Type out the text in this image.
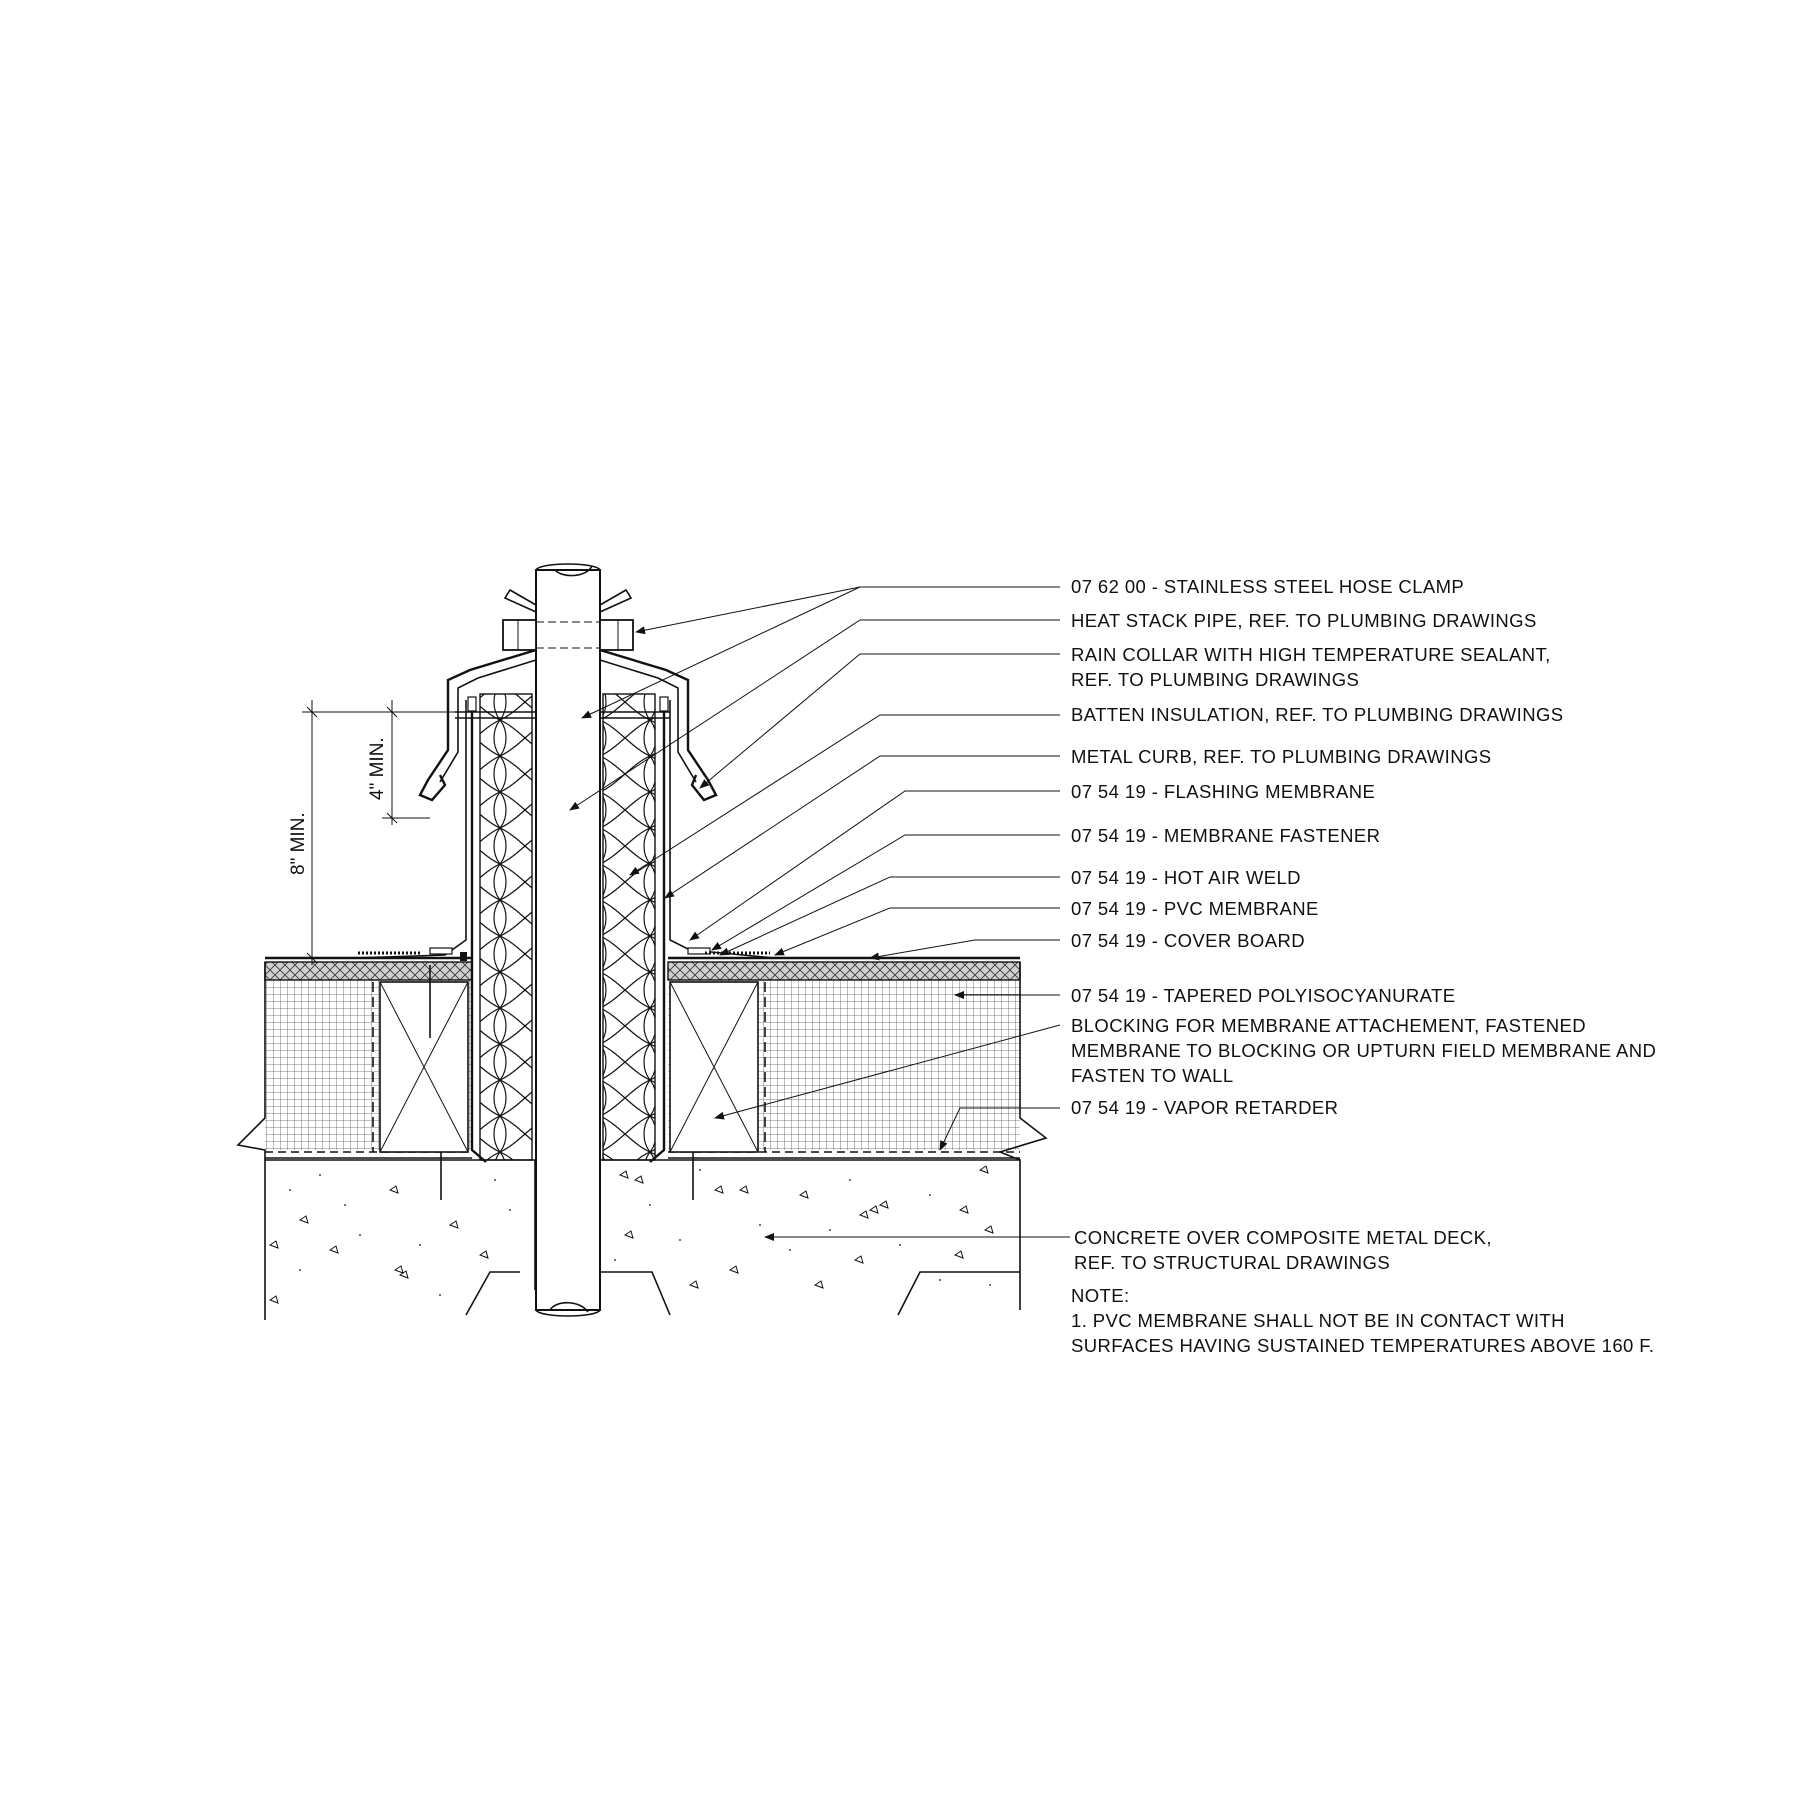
4" MIN.
8" MIN.
07 62 00 - STAINLESS STEEL HOSE CLAMP
HEAT STACK PIPE, REF. TO PLUMBING DRAWINGS
RAIN COLLAR WITH HIGH TEMPERATURE SEALANT,
REF. TO PLUMBING DRAWINGS
BATTEN INSULATION, REF. TO PLUMBING DRAWINGS
METAL CURB, REF. TO PLUMBING DRAWINGS
07 54 19 - FLASHING MEMBRANE
07 54 19 - MEMBRANE FASTENER
07 54 19 - HOT AIR WELD
07 54 19 - PVC MEMBRANE
07 54 19 - COVER BOARD
07 54 19 - TAPERED POLYISOCYANURATE
BLOCKING FOR MEMBRANE ATTACHEMENT, FASTENED
MEMBRANE TO BLOCKING OR UPTURN FIELD MEMBRANE AND
FASTEN TO WALL
07 54 19 - VAPOR RETARDER
CONCRETE OVER COMPOSITE METAL DECK,
REF. TO STRUCTURAL DRAWINGS
NOTE:
1. PVC MEMBRANE SHALL NOT BE IN CONTACT WITH
SURFACES HAVING SUSTAINED TEMPERATURES ABOVE 160 F.
